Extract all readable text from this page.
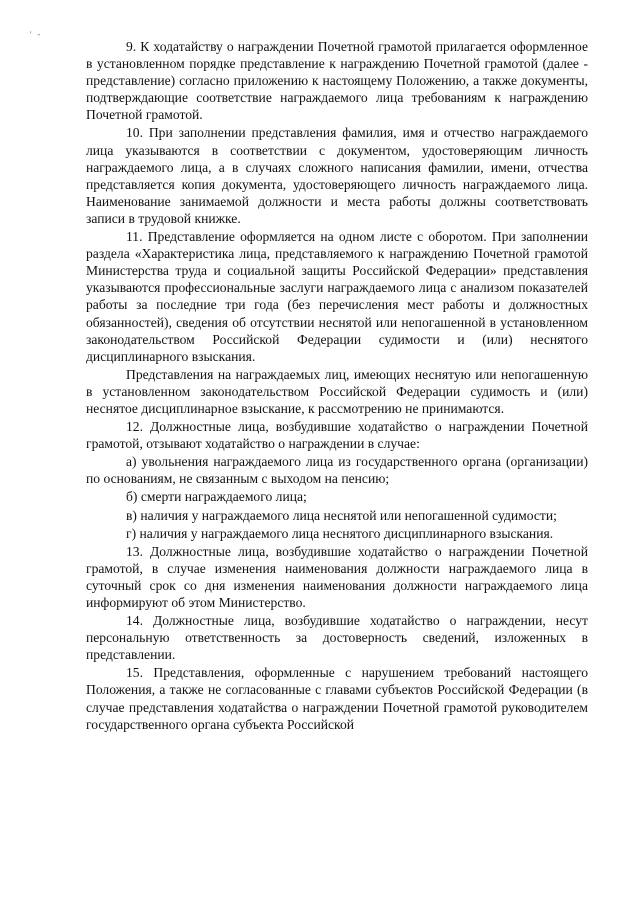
' -

9. К ходатайству о награждении Почетной грамотой прилагается оформленное в установленном порядке представление к награждению Почетной грамотой (далее - представление) согласно приложению к настоящему Положению, а также документы, подтверждающие соответствие награждаемого лица требованиям к награждению Почетной грамотой.

10. При заполнении представления фамилия, имя и отчество награждаемого лица указываются в соответствии с документом, удостоверяющим личность награждаемого лица, а в случаях сложного написания фамилии, имени, отчества представляется копия документа, удостоверяющего личность награждаемого лица. Наименование занимаемой должности и места работы должны соответствовать записи в трудовой книжке.

11. Представление оформляется на одном листе с оборотом. При заполнении раздела «Характеристика лица, представляемого к награждению Почетной грамотой Министерства труда и социальной защиты Российской Федерации» представления указываются профессиональные заслуги награждаемого лица с анализом показателей работы за последние три года (без перечисления мест работы и должностных обязанностей), сведения об отсутствии неснятой или непогашенной в установленном законодательством Российской Федерации судимости и (или) неснятого дисциплинарного взыскания.

Представления на награждаемых лиц, имеющих неснятую или непогашенную в установленном законодательством Российской Федерации судимость и (или) неснятое дисциплинарное взыскание, к рассмотрению не принимаются.

12. Должностные лица, возбудившие ходатайство о награждении Почетной грамотой, отзывают ходатайство о награждении в случае:

а) увольнения награждаемого лица из государственного органа (организации) по основаниям, не связанным с выходом на пенсию;

б) смерти награждаемого лица;

в) наличия у награждаемого лица неснятой или непогашенной судимости;

г) наличия у награждаемого лица неснятого дисциплинарного взыскания.

13. Должностные лица, возбудившие ходатайство о награждении Почетной грамотой, в случае изменения наименования должности награждаемого лица в суточный срок со дня изменения наименования должности награждаемого лица информируют об этом Министерство.

14. Должностные лица, возбудившие ходатайство о награждении, несут персональную ответственность за достоверность сведений, изложенных в представлении.

15. Представления, оформленные с нарушением требований настоящего Положения, а также не согласованные с главами субъектов Российской Федерации (в случае представления ходатайства о награждении Почетной грамотой руководителем государственного органа субъекта Российской
